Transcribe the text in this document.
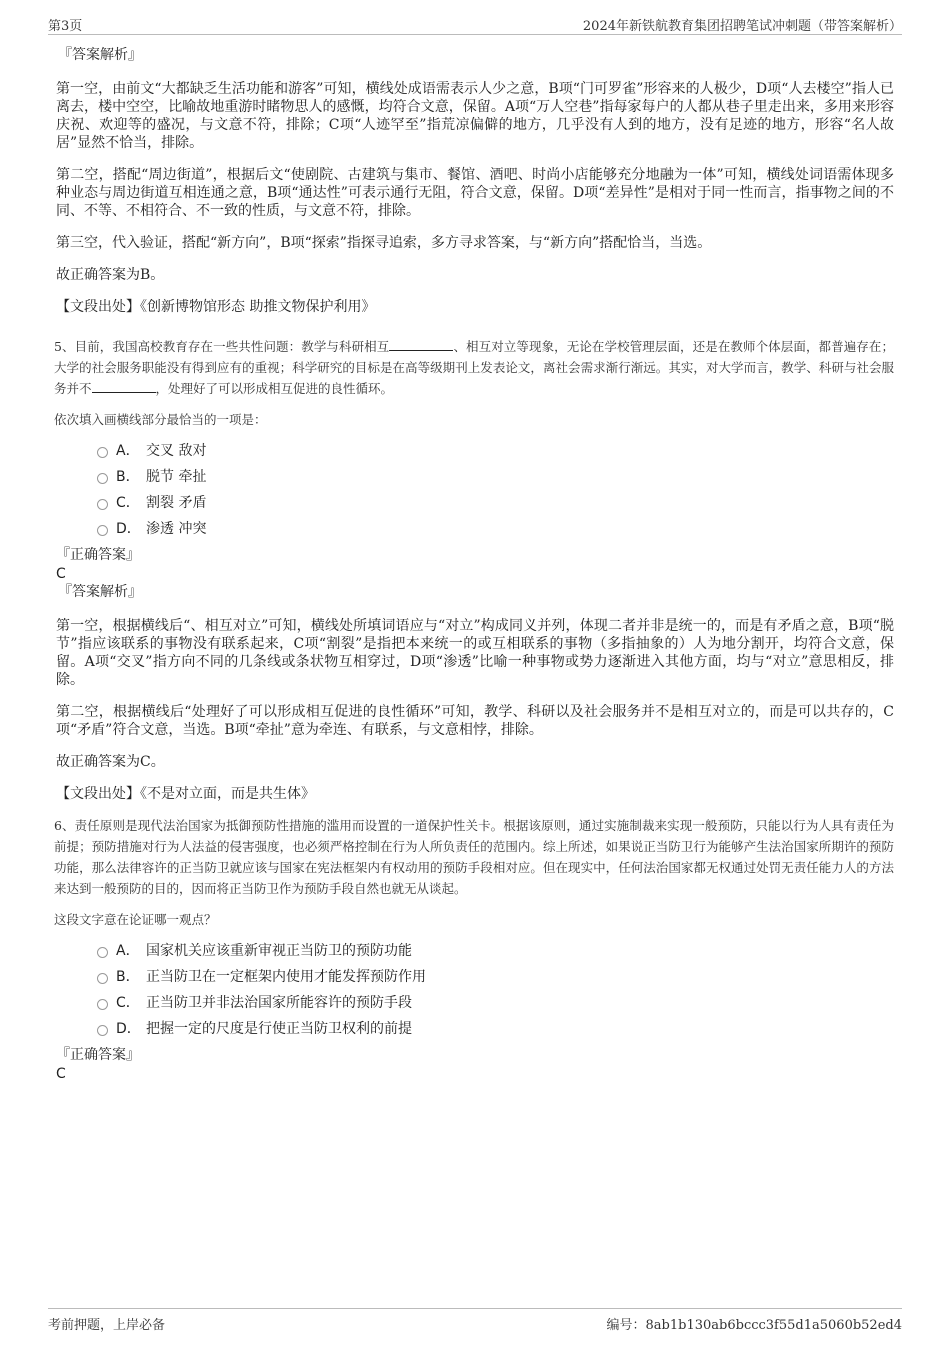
第3页	2024年新铁航教育集团招聘笔试冲刺题（带答案解析）

『答案解析』

第一空，由前文“大都缺乏生活功能和游客”可知，横线处成语需表示人少之意，B项“门可罗雀”形容来的人极少，D项“人去楼空”指人已离去，楼中空空，比喻故地重游时睹物思人的感慨，均符合文意，保留。A项“万人空巷”指每家每户的人都从巷子里走出来，多用来形容庆祝、欢迎等的盛况，与文意不符，排除；C项“人迹罕至”指荒凉偏僻的地方，几乎没有人到的地方，没有足迹的地方，形容“名人故居”显然不恰当，排除。

第二空，搭配“周边街道”，根据后文“使剧院、古建筑与集市、餐馆、酒吧、时尚小店能够充分地融为一体”可知，横线处词语需体现多种业态与周边街道互相连通之意，B项“通达性”可表示通行无阻，符合文意，保留。D项“差异性”是相对于同一性而言，指事物之间的不同、不等、不相符合、不一致的性质，与文意不符，排除。

第三空，代入验证，搭配“新方向”，B项“探索”指探寻追索，多方寻求答案，与“新方向”搭配恰当，当选。

故正确答案为B。

【文段出处】《创新博物馆形态 助推文物保护利用》

5、目前，我国高校教育存在一些共性问题：教学与科研相互	、相互对立等现象，无论在学校管理层面，还是在教师个体层面，都普遍存在；大学的社会服务职能没有得到应有的重视；科学研究的目标是在高等级期刊上发表论文，离社会需求渐行渐远。其实，对大学而言，教学、科研与社会服务并不	，处理好了可以形成相互促进的良性循环。

依次填入画横线部分最恰当的一项是：

A． 交叉 敌对
B． 脱节 牵扯
C． 割裂 矛盾
D． 渗透 冲突

『正确答案』

C

『答案解析』

第一空，根据横线后“、相互对立”可知，横线处所填词语应与“对立”构成同义并列，体现二者并非是统一的，而是有矛盾之意，B项“脱节”指应该联系的事物没有联系起来，C项“割裂”是指把本来统一的或互相联系的事物（多指抽象的）人为地分割开，均符合文意，保留。A项“交叉”指方向不同的几条线或条状物互相穿过，D项“渗透”比喻一种事物或势力逐渐进入其他方面，均与“对立”意思相反，排除。

第二空，根据横线后“处理好了可以形成相互促进的良性循环”可知，教学、科研以及社会服务并不是相互对立的，而是可以共存的，C项“矛盾”符合文意，当选。B项“牵扯”意为牵连、有联系，与文意相悖，排除。

故正确答案为C。

【文段出处】《不是对立面，而是共生体》

6、责任原则是现代法治国家为抵御预防性措施的滥用而设置的一道保护性关卡。根据该原则，通过实施制裁来实现一般预防，只能以行为人具有责任为前提；预防措施对行为人法益的侵害强度，也必须严格控制在行为人所负责任的范围内。综上所述，如果说正当防卫行为能够产生法治国家所期许的预防功能，那么法律容许的正当防卫就应该与国家在宪法框架内有权动用的预防手段相对应。但在现实中，任何法治国家都无权通过处罚无责任能力人的方法来达到一般预防的目的，因而将正当防卫作为预防手段自然也就无从谈起。

这段文字意在论证哪一观点？

A． 国家机关应该重新审视正当防卫的预防功能
B． 正当防卫在一定框架内使用才能发挥预防作用
C． 正当防卫并非法治国家所能容许的预防手段
D． 把握一定的尺度是行使正当防卫权利的前提

『正确答案』

C

考前押题，上岸必备	编号：8ab1b130ab6bccc3f55d1a5060b52ed4
